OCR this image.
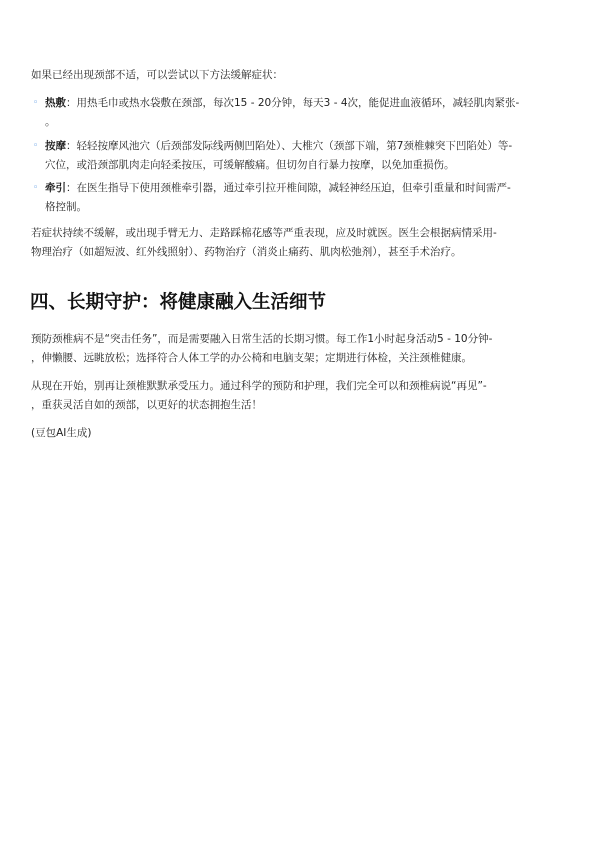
如果已经出现颈部不适，可以尝试以下方法缓解症状：

◦ 热敷：用热毛巾或热水袋敷在颈部，每次15 - 20分钟，每天3 - 4次，能促进血液循环，减轻肌肉紧张-
。
◦ 按摩：轻轻按摩风池穴（后颈部发际线两侧凹陷处）、大椎穴（颈部下端，第7颈椎棘突下凹陷处）等-
穴位，或沿颈部肌肉走向轻柔按压，可缓解酸痛。但切勿自行暴力按摩，以免加重损伤。
◦ 牵引：在医生指导下使用颈椎牵引器，通过牵引拉开椎间隙，减轻神经压迫，但牵引重量和时间需严-
格控制。

若症状持续不缓解，或出现手臂无力、走路踩棉花感等严重表现，应及时就医。医生会根据病情采用-
物理治疗（如超短波、红外线照射）、药物治疗（消炎止痛药、肌肉松弛剂），甚至手术治疗。

四、长期守护：将健康融入生活细节

预防颈椎病不是“突击任务”，而是需要融入日常生活的长期习惯。每工作1小时起身活动5 - 10分钟-
，伸懒腰、远眺放松；选择符合人体工学的办公椅和电脑支架；定期进行体检，关注颈椎健康。

从现在开始，别再让颈椎默默承受压力。通过科学的预防和护理，我们完全可以和颈椎病说“再见”-
，重获灵活自如的颈部，以更好的状态拥抱生活！

(豆包AI生成)
